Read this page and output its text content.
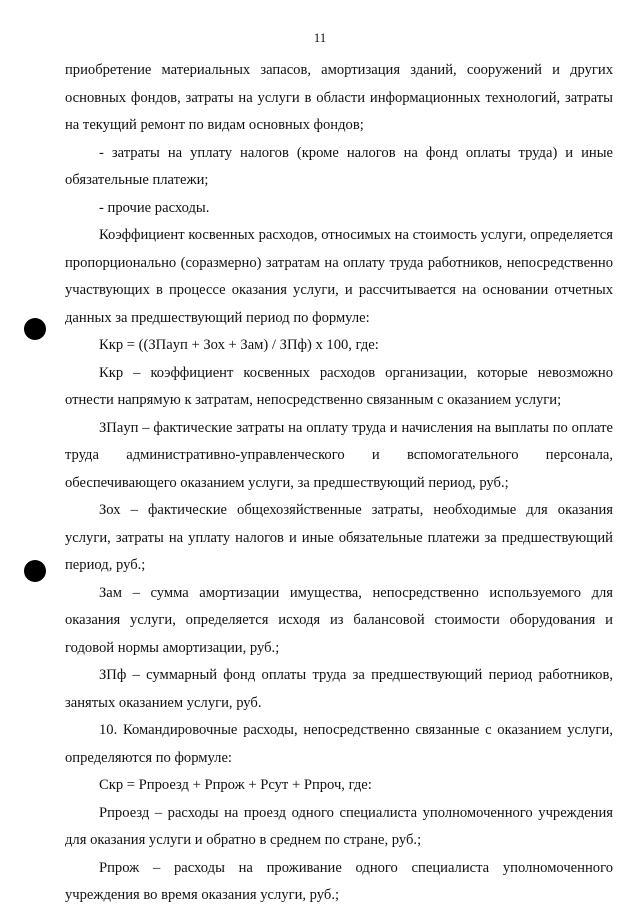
11

приобретение материальных запасов, амортизация зданий, сооружений и других основных фондов, затраты на услуги в области информационных технологий, затраты на текущий ремонт по видам основных фондов;

- затраты на уплату налогов (кроме налогов на фонд оплаты труда) и иные обязательные платежи;

- прочие расходы.

Коэффициент косвенных расходов, относимых на стоимость услуги, определяется пропорционально (соразмерно) затратам на оплату труда работников, непосредственно участвующих в процессе оказания услуги, и рассчитывается на основании отчетных данных за предшествующий период по формуле:

Ккр = ((ЗПаyп + Зох + Зам) / ЗПф) х 100, где:

Ккр – коэффициент косвенных расходов организации, которые невозможно отнести напрямую к затратам, непосредственно связанным с оказанием услуги;

ЗПаyп – фактические затраты на оплату труда и начисления на выплаты по оплате труда административно-управленческого и вспомогательного персонала, обеспечивающего оказанием услуги, за предшествующий период, руб.;

Зох – фактические общехозяйственные затраты, необходимые для оказания услуги, затраты на уплату налогов и иные обязательные платежи за предшествующий период, руб.;

Зам – сумма амортизации имущества, непосредственно используемого для оказания услуги, определяется исходя из балансовой стоимости оборудования и годовой нормы амортизации, руб.;

ЗПф – суммарный фонд оплаты труда за предшествующий период работников, занятых оказанием услуги, руб.

10. Командировочные расходы, непосредственно связанные с оказанием услуги, определяются по формуле:

Скр = Рпроезд + Рпрож + Рсут + Рпроч, где:

Рпроезд – расходы на проезд одного специалиста уполномоченного учреждения для оказания услуги и обратно в среднем по стране, руб.;

Рпрож – расходы на проживание одного специалиста уполномоченного учреждения во время оказания услуги, руб.;
